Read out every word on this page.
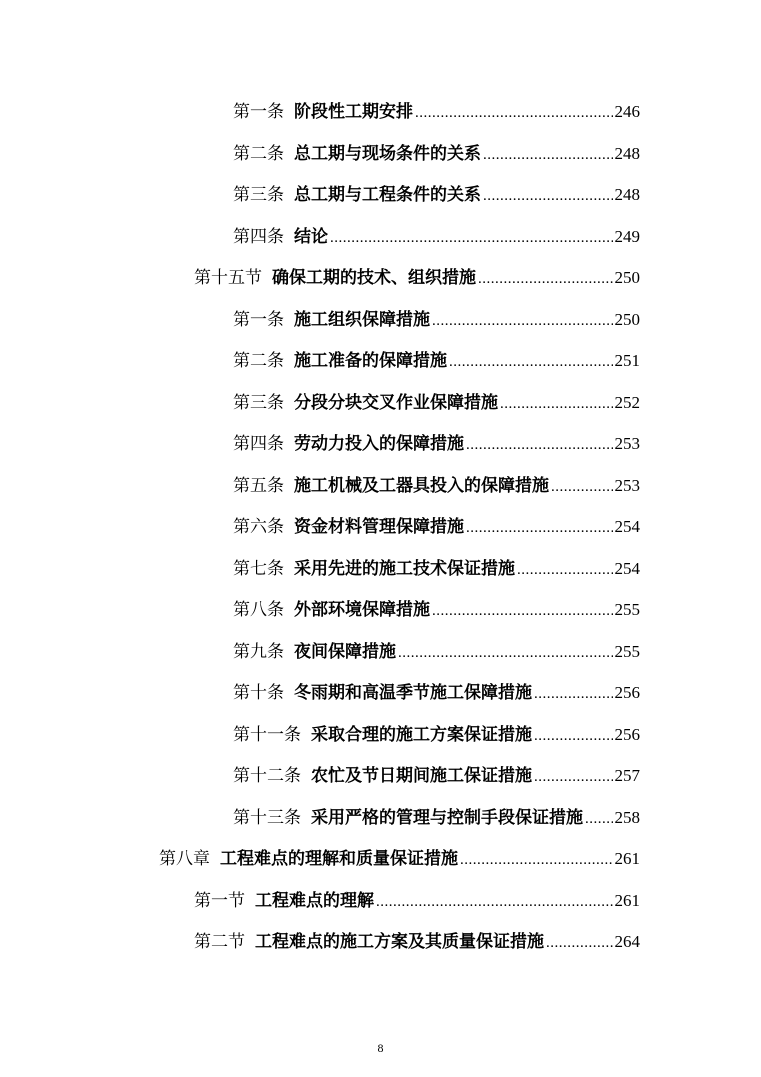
第一条 阶段性工期安排 .....	246
第二条 总工期与现场条件的关系 .....	248
第三条 总工期与工程条件的关系 .....	248
第四条 结论 .....	249
第十五节 确保工期的技术、组织措施 .....	250
第一条 施工组织保障措施 .....	250
第二条 施工准备的保障措施 .....	251
第三条 分段分块交叉作业保障措施 .....	252
第四条 劳动力投入的保障措施 .....	253
第五条 施工机械及工器具投入的保障措施 .....	253
第六条 资金材料管理保障措施 .....	254
第七条 采用先进的施工技术保证措施 .....	254
第八条 外部环境保障措施 .....	255
第九条 夜间保障措施 .....	255
第十条 冬雨期和高温季节施工保障措施 .....	256
第十一条 采取合理的施工方案保证措施 .....	256
第十二条 农忙及节日期间施工保证措施 .....	257
第十三条 采用严格的管理与控制手段保证措施 ..... 258
第八章 工程难点的理解和质量保证措施 .....	261
第一节 工程难点的理解 .....	261
第二节 工程难点的施工方案及其质量保证措施 .....	264
8
